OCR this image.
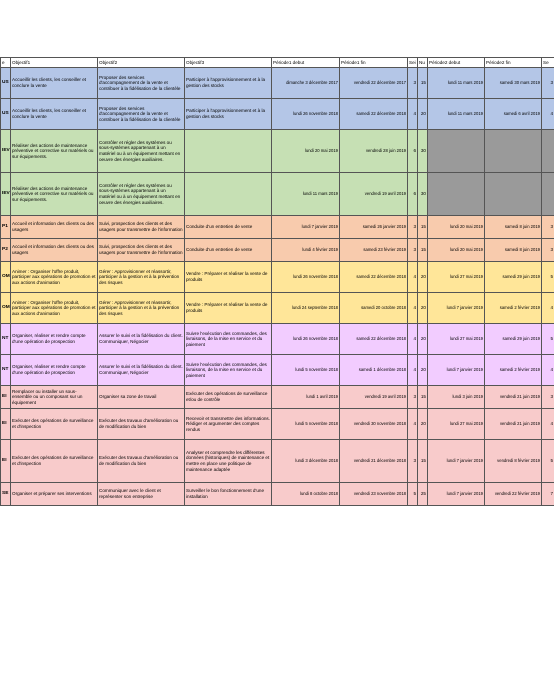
e	Objectif1	Objectif2	Objectif3	Période1 debut	Période1 fin	Sei	Nu	Période2 debut	Période2 fin	Se
US	Accueillir les clients, les conseiller et conclure la vente	Proposer des services d'accompagnement de la vente et contribuer à la fidélisation de la clientèle	Participer à l'approvisionnement et à la gestion des stocks	dimanche 3 décembre 2017	vendredi 22 décembre 2017	3	15	lundi 11 mars 2019	samedi 30 mars 2019	3
US	Accueillir les clients, les conseiller et conclure la vente	Proposer des services d'accompagnement de la vente et contribuer à la fidélisation de la clientèle	Participer à l'approvisionnement et à la gestion des stocks	lundi 26 novembre 2018	samedi 22 décembre 2018	4	20	lundi 11 mars 2019	samedi 6 avril 2019	4
IEV	Réaliser des actions de maintenance préventive et corrective sur matériels ou sur équipements.	Contrôler et régler des systèmes ou sous-systèmes appartenant à un matériel ou à un équipement mettant en oeuvre des énergies auxiliaires.		lundi 20 mai 2019	vendredi 28 juin 2019	6	30			
IEV	Réaliser des actions de maintenance préventive et corrective sur matériels ou sur équipements.	Contrôler et régler des systèmes ou sous-systèmes appartenant à un matériel ou à un équipement mettant en oeuvre des énergies auxiliaires.		lundi 11 mars 2019	vendredi 19 avril 2019	6	30			
P1	Accueil et information des clients ou des usagers	Suivi, prospection des clients et des usagers pour transmettre de l'information	Conduite d'un entretien de vente	lundi 7 janvier 2019	samedi 26 janvier 2019	3	15	lundi 20 mai 2019	samedi 8 juin 2019	3
P2	Accueil et information des clients ou des usagers	Suivi, prospection des clients et des usagers pour transmettre de l'information	Conduite d'un entretien de vente	lundi 4 février 2019	samedi 23 février 2019	3	15	lundi 20 mai 2019	samedi 8 juin 2019	3
OM	Animer : Organiser l'offre produit, participer aux opérations de promotion et aux actions d'animation	Gérer : Approvisionner et réassortir, participer à la gestion et à la prévention des risques	Vendre : Préparer et réaliser la vente de produits	lundi 26 novembre 2018	samedi 22 décembre 2018	4	20	lundi 27 mai 2019	samedi 29 juin 2019	5
OM	Animer : Organiser l'offre produit, participer aux opérations de promotion et aux actions d'animation	Gérer : Approvisionner et réassortir, participer à la gestion et à la prévention des risques	Vendre : Préparer et réaliser la vente de produits	lundi 24 septembre 2018	samedi 20 octobre 2018	4	20	lundi 7 janvier 2019	samedi 2 février 2019	4
NT	Organiser, réaliser et rendre compte d'une opération de prospection	Assurer le suivi et la fidélisation du client. Communiquer, Négocier	Suivre l'exécution des commandes, des livraisons, de la mise en service et du paiement	lundi 26 novembre 2018	samedi 22 décembre 2018	4	20	lundi 27 mai 2019	samedi 29 juin 2019	5
NT	Organiser, réaliser et rendre compte d'une opération de prospection	Assurer le suivi et la fidélisation du client. Communiquer, Négocier	Suivre l'exécution des commandes, des livraisons, de la mise en service et du paiement	lundi 5 novembre 2018	samedi 1 décembre 2018	4	20	lundi 7 janvier 2019	samedi 2 février 2019	4
EI	Remplacer ou installer un sous-ensemble ou un composant sur un équipement	Organiser sa zone de travail	Exécuter des opérations de surveillance et/ou de contrôle	lundi 1 avril 2019	vendredi 19 avril 2019	3	15	lundi 3 juin 2019	vendredi 21 juin 2019	3
EI	Exécuter des opérations de surveillance et d'inspection	Exécuter des travaux d'amélioration ou de modification du bien	Recevoir et transmettre des informations. Rédiger et argumenter des comptes rendus	lundi 5 novembre 2018	vendredi 30 novembre 2018	4	20	lundi 27 mai 2019	vendredi 21 juin 2019	4
EI	Exécuter des opérations de surveillance et d'inspection	Exécuter des travaux d'amélioration ou de modification du bien	Analyser et comprendre les différentes données (historiques) de maintenance et mettre en place une politique de maintenance adaptée	lundi 3 décembre 2018	vendredi 21 décembre 2018	3	15	lundi 7 janvier 2019	vendredi 8 février 2019	5
SE	Organiser et préparer ses interventions	Communiquer avec le client et représenter son entreprise	Surveiller le bon fonctionnement d'une installation	lundi 8 octobre 2018	vendredi 23 novembre 2018	5	25	lundi 7 janvier 2019	vendredi 22 février 2019	7
